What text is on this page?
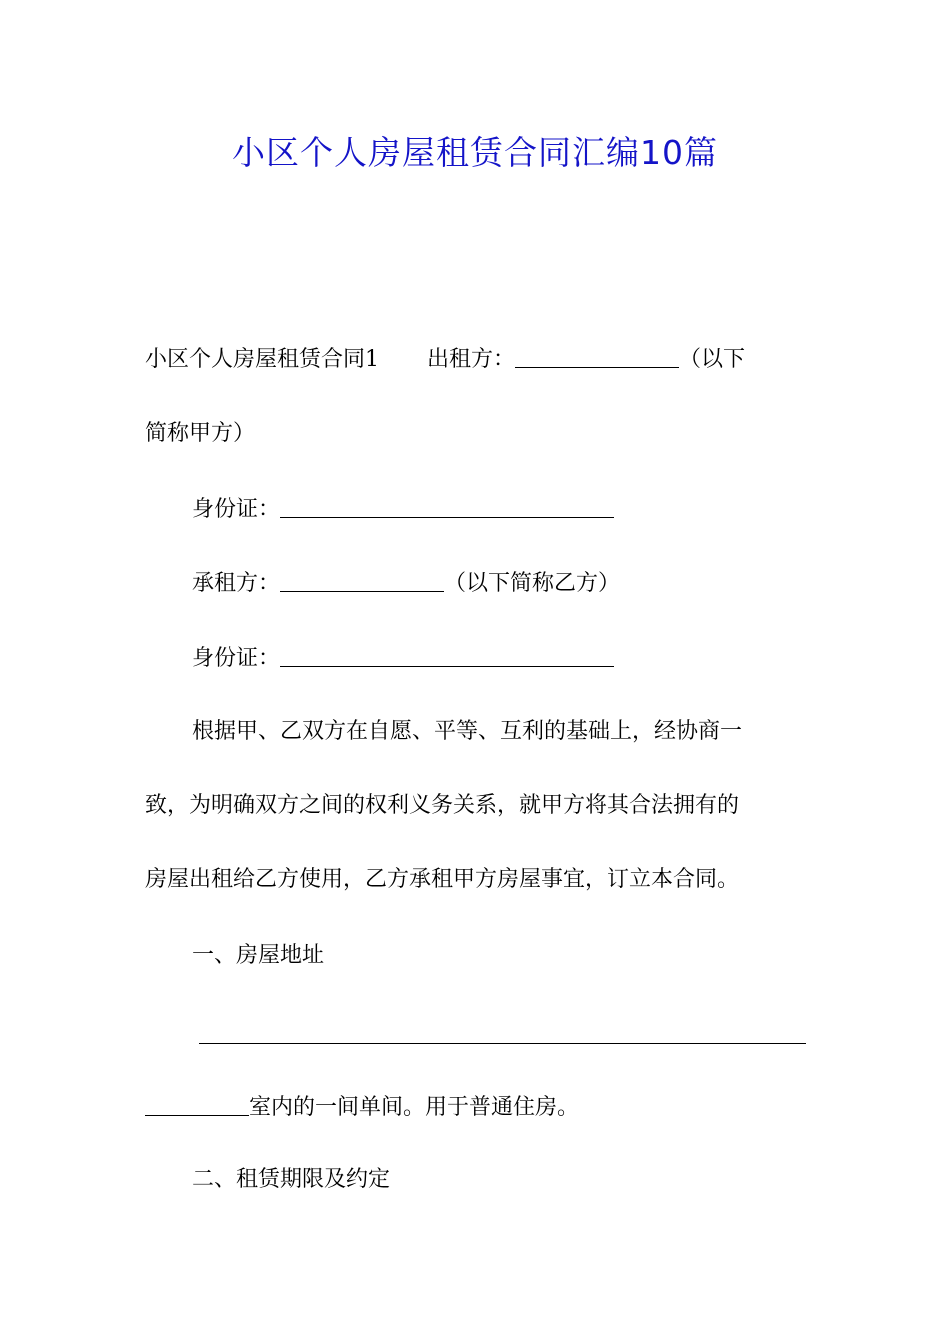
小区个人房屋租赁合同汇编10篇
小区个人房屋租赁合同1 出租方：	（以下
简称甲方）
身份证：
承租方：	（以下简称乙方）
身份证：
根据甲、乙双方在自愿、平等、互利的基础上，经协商一
致，为明确双方之间的权利义务关系，就甲方将其合法拥有的
房屋出租给乙方使用，乙方承租甲方房屋事宜，订立本合同。
一、房屋地址
室内的一间单间。用于普通住房。
二、租赁期限及约定
